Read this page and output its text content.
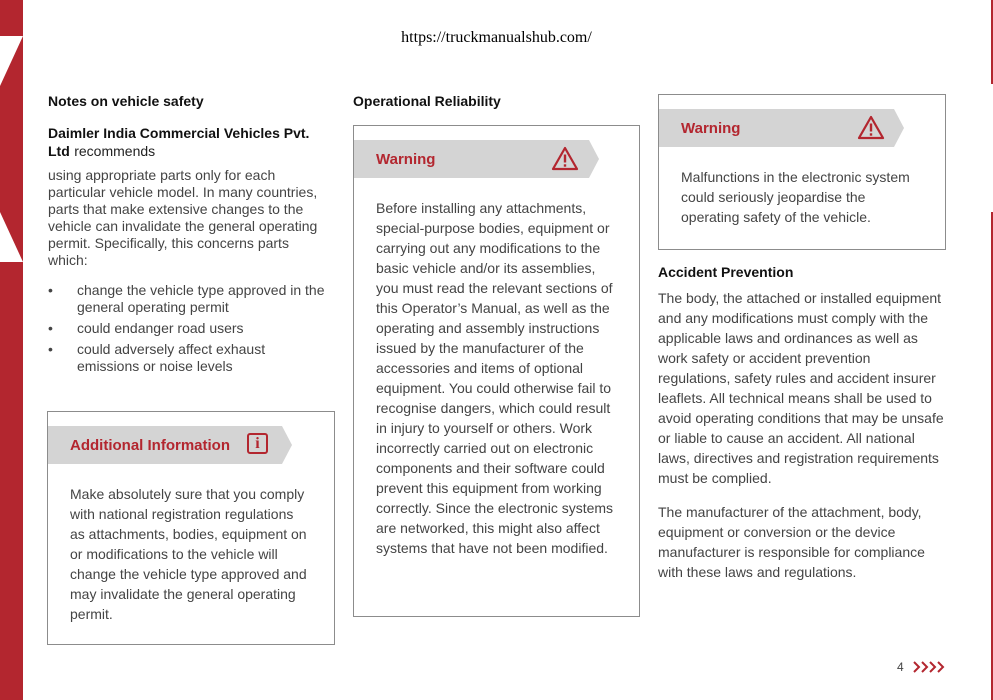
https://truckmanualshub.com/
Notes on vehicle safety
Daimler India Commercial Vehicles Pvt. Ltd recommends
using appropriate parts only for each particular vehicle model. In many countries, parts that make extensive changes to the vehicle can invalidate the general operating permit. Specifically, this concerns parts which:
• change the vehicle type approved in the general operating permit
• could endanger road users
• could adversely affect exhaust emissions or noise levels
Additional Information	i
Make absolutely sure that you comply with national registration regulations as attachments, bodies, equipment on or modifications to the vehicle will change the vehicle type approved and may invalidate the general operating permit.
Operational Reliability
Warning
Before installing any attachments, special-purpose bodies, equipment or carrying out any modifications to the basic vehicle and/or its assemblies, you must read the relevant sections of this Operator’s Manual, as well as the operating and assembly instructions issued by the manufacturer of the accessories and items of optional equipment. You could otherwise fail to recognise dangers, which could result in injury to yourself or others. Work incorrectly carried out on electronic components and their software could prevent this equipment from working correctly. Since the electronic systems are networked, this might also affect systems that have not been modified.
Warning
Malfunctions in the electronic system could seriously jeopardise the operating safety of the vehicle.
Accident Prevention
The body, the attached or installed equipment and any modifications must comply with the applicable laws and ordinances as well as work safety or accident prevention regulations, safety rules and accident insurer leaflets. All technical means shall be used to avoid operating conditions that may be unsafe or liable to cause an accident. All national laws, directives and registration requirements must be complied.
The manufacturer of the attachment, body, equipment or conversion or the device manufacturer is responsible for compliance with these laws and regulations.
4
